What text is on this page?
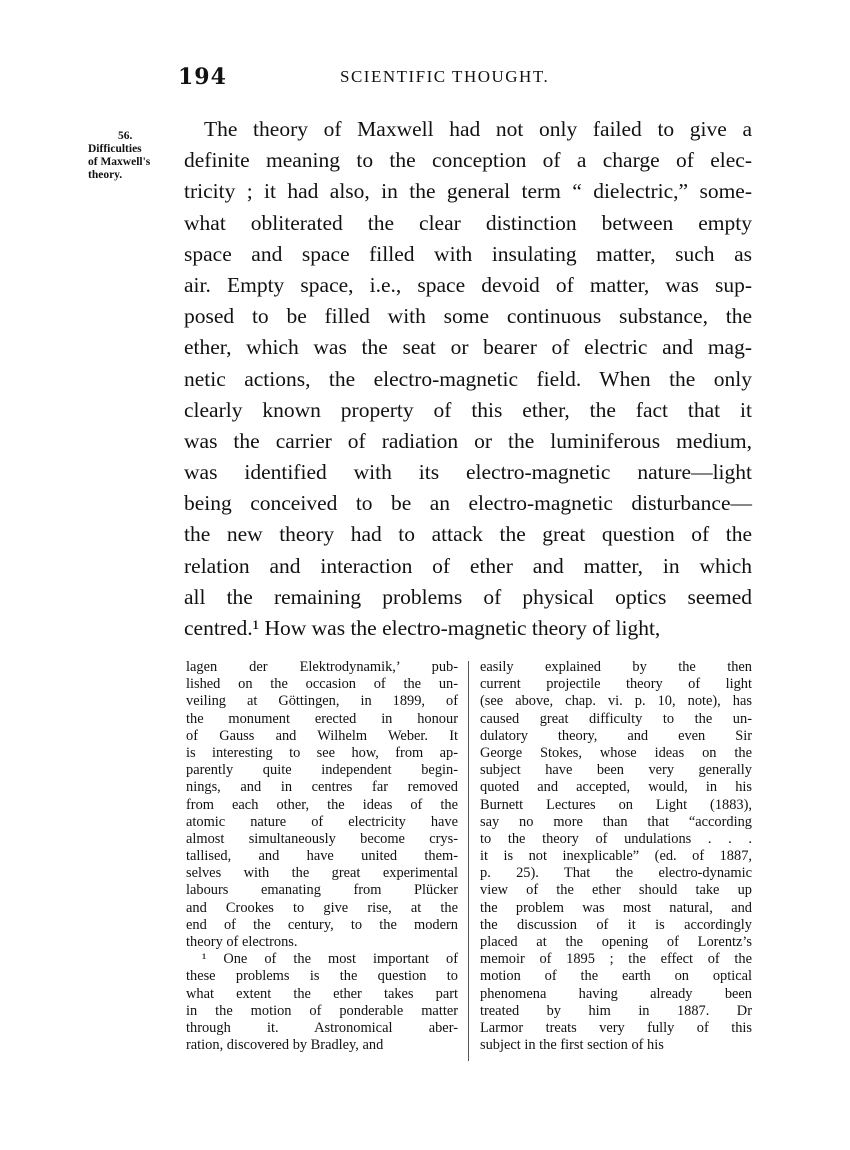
194	SCIENTIFIC THOUGHT.
56.
Difficulties
of Maxwell's
theory.
The theory of Maxwell had not only failed to give a
definite meaning to the conception of a charge of elec-
tricity ; it had also, in the general term “ dielectric,” some-
what obliterated the clear distinction between empty
space and space filled with insulating matter, such as
air. Empty space, i.e., space devoid of matter, was sup-
posed to be filled with some continuous substance, the
ether, which was the seat or bearer of electric and mag-
netic actions, the electro-magnetic field. When the only
clearly known property of this ether, the fact that it
was the carrier of radiation or the luminiferous medium,
was identified with its electro-magnetic nature—light
being conceived to be an electro-magnetic disturbance—
the new theory had to attack the great question of the
relation and interaction of ether and matter, in which
all the remaining problems of physical optics seemed
centred.¹ How was the electro-magnetic theory of light,
lagen der Elektrodynamik,’ pub-
lished on the occasion of the un-
veiling at Göttingen, in 1899, of
the monument erected in honour
of Gauss and Wilhelm Weber. It
is interesting to see how, from ap-
parently quite independent begin-
nings, and in centres far removed
from each other, the ideas of the
atomic nature of electricity have
almost simultaneously become crys-
tallised, and have united them-
selves with the great experimental
labours emanating from Plücker
and Crookes to give rise, at the
end of the century, to the modern
theory of electrons.
¹ One of the most important of
these problems is the question to
what extent the ether takes part
in the motion of ponderable matter
through it. Astronomical aber-
ration, discovered by Bradley, and
easily explained by the then
current projectile theory of light
(see above, chap. vi. p. 10, note), has
caused great difficulty to the un-
dulatory theory, and even Sir
George Stokes, whose ideas on the
subject have been very generally
quoted and accepted, would, in his
Burnett Lectures on Light (1883),
say no more than that “according
to the theory of undulations . . .
it is not inexplicable” (ed. of 1887,
p. 25). That the electro-dynamic
view of the ether should take up
the problem was most natural, and
the discussion of it is accordingly
placed at the opening of Lorentz’s
memoir of 1895 ; the effect of the
motion of the earth on optical
phenomena having already been
treated by him in 1887. Dr
Larmor treats very fully of this
subject in the first section of his
